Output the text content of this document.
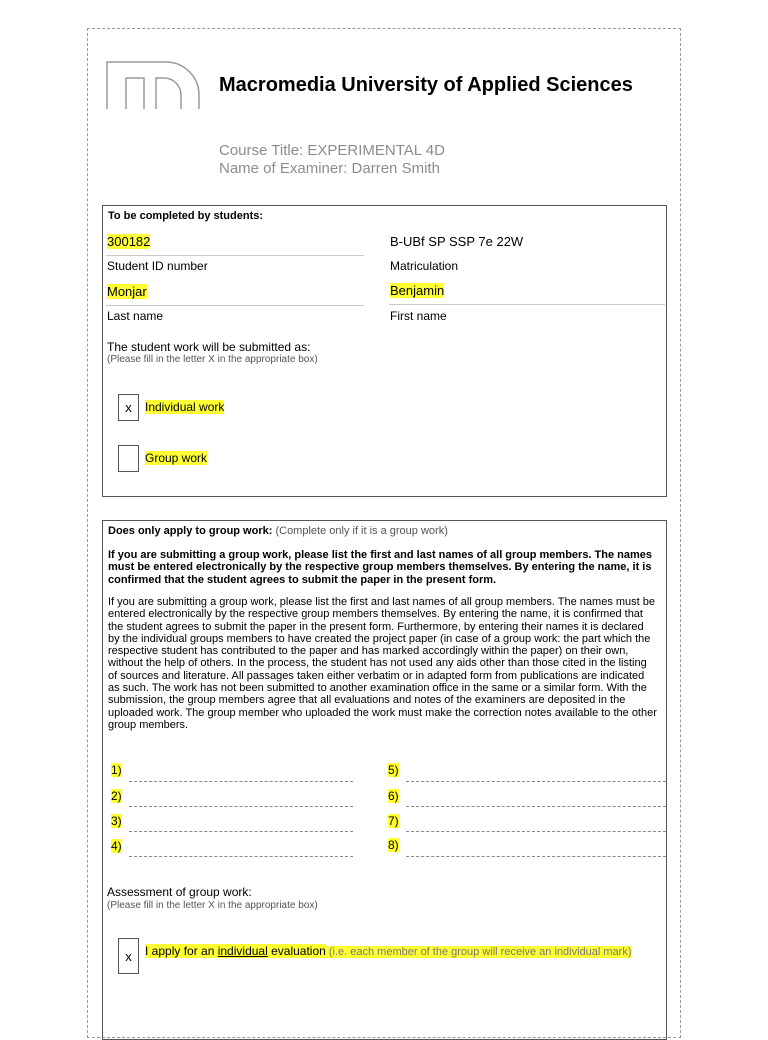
Macromedia University of Applied Sciences
Course Title: EXPERIMENTAL 4D
Name of Examiner: Darren Smith
To be completed by students:
300182
Student ID number
B-UBf SP SSP 7e 22W
Matriculation
Monjar
Last name
Benjamin
First name
The student work will be submitted as:
(Please fill in the letter X in the appropriate box)
x	Individual work
Group work
Does only apply to group work: (Complete only if it is a group work)
If you are submitting a group work, please list the first and last names of all group members. The names must be entered electronically by the respective group members themselves. By entering the name, it is confirmed that the student agrees to submit the paper in the present form.
If you are submitting a group work, please list the first and last names of all group members. The names must be entered electronically by the respective group members themselves. By entering the name, it is confirmed that the student agrees to submit the paper in the present form. Furthermore, by entering their names it is declared by the individual groups members to have created the project paper (in case of a group work: the part which the respective student has contributed to the paper and has marked accordingly within the paper) on their own, without the help of others. In the process, the student has not used any aids other than those cited in the listing of sources and literature. All passages taken either verbatim or in adapted form from publications are indicated as such. The work has not been submitted to another examination office in the same or a similar form. With the submission, the group members agree that all evaluations and notes of the examiners are deposited in the uploaded work. The group member who uploaded the work must make the correction notes available to the other group members.
1)
2)
3)
4)
5)
6)
7)
8)
Assessment of group work:
(Please fill in the letter X in the appropriate box)
x	I apply for an individual evaluation (i.e. each member of the group will receive an individual mark)
